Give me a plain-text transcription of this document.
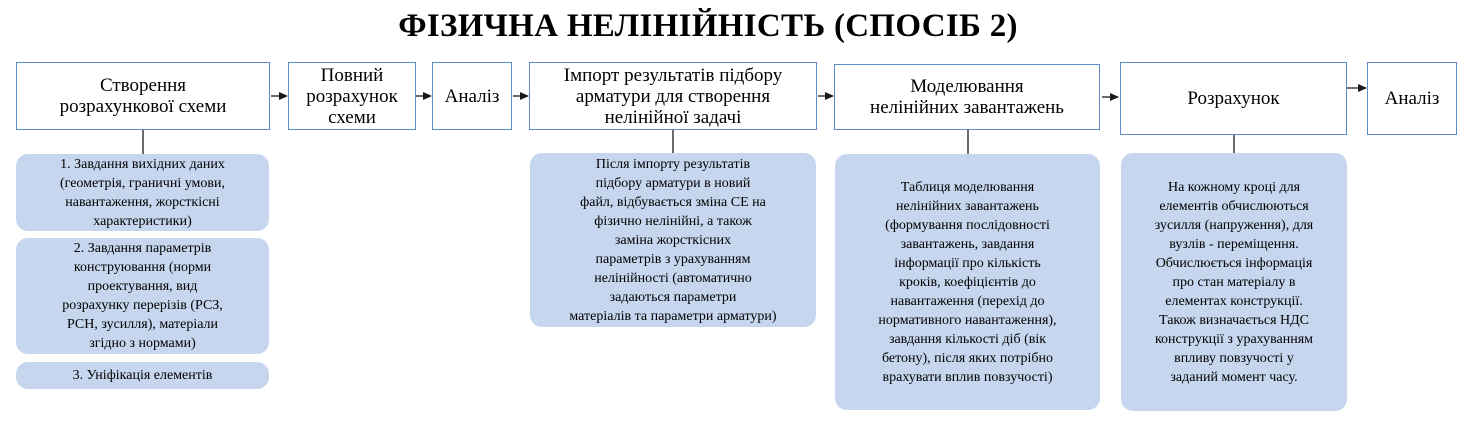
ФІЗИЧНА НЕЛІНІЙНІСТЬ (СПОСІБ 2)
Створення
розрахункової схеми
Повний
розрахунок
схеми
Аналіз
Імпорт результатів підбору
арматури для створення
нелінійної задачі
Моделювання
нелінійних завантажень	Розрахунок	Аналіз
1. Завдання вихідних даних
(геометрія, граничні умови,
навантаження, жорсткісні
характеристики)
2. Завдання параметрів
конструювання (норми
проектування, вид
розрахунку перерізів (РСЗ,
РСН, зусилля), матеріали
згідно з нормами)
3. Уніфікація елементів
Після імпорту результатів
підбору арматури в новий
файл, відбувається зміна СЕ на
фізично нелінійні, а також
заміна жорсткісних
параметрів з урахуванням
нелінійності (автоматично
задаються параметри
матеріалів та параметри арматури)
Таблиця моделювання
нелінійних завантажень
(формування послідовності
завантажень, завдання
інформації про кількість
кроків, коефіцієнтів до
навантаження (перехід до
нормативного навантаження),
завдання кількості діб (вік
бетону), після яких потрібно
врахувати вплив повзучості)
На кожному кроці для
елементів обчислюються
зусилля (напруження), для
вузлів - переміщення.
Обчислюється інформація
про стан матеріалу в
елементах конструкції.
Також визначається НДС
конструкції з урахуванням
впливу повзучості у
заданий момент часу.
